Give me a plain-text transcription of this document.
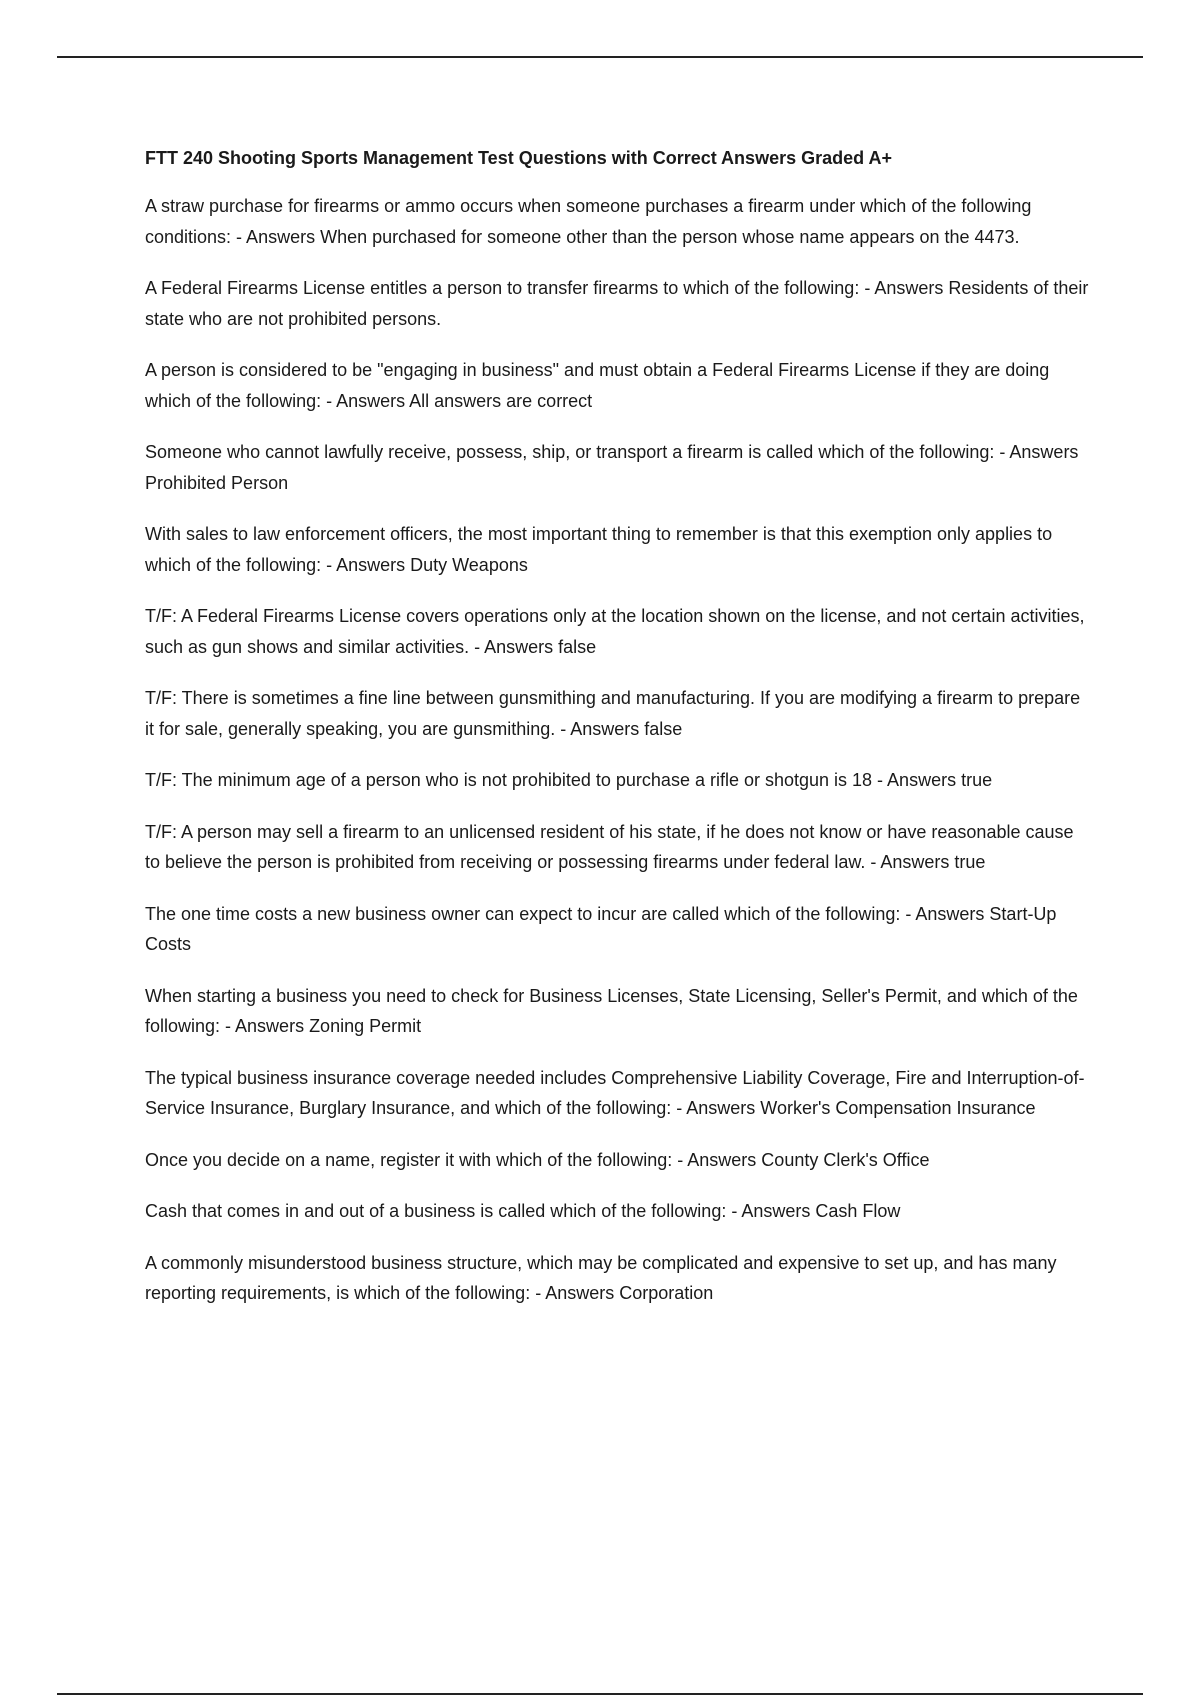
FTT 240 Shooting Sports Management Test Questions with Correct Answers Graded A+
A straw purchase for firearms or ammo occurs when someone purchases a firearm under which of the following conditions: - Answers When purchased for someone other than the person whose name appears on the 4473.
A Federal Firearms License entitles a person to transfer firearms to which of the following: - Answers Residents of their state who are not prohibited persons.
A person is considered to be "engaging in business" and must obtain a Federal Firearms License if they are doing which of the following: - Answers All answers are correct
Someone who cannot lawfully receive, possess, ship, or transport a firearm is called which of the following: - Answers Prohibited Person
With sales to law enforcement officers, the most important thing to remember is that this exemption only applies to which of the following: - Answers Duty Weapons
T/F: A Federal Firearms License covers operations only at the location shown on the license, and not certain activities, such as gun shows and similar activities. - Answers false
T/F: There is sometimes a fine line between gunsmithing and manufacturing. If you are modifying a firearm to prepare it for sale, generally speaking, you are gunsmithing. - Answers false
T/F: The minimum age of a person who is not prohibited to purchase a rifle or shotgun is 18 - Answers true
T/F: A person may sell a firearm to an unlicensed resident of his state, if he does not know or have reasonable cause to believe the person is prohibited from receiving or possessing firearms under federal law. - Answers true
The one time costs a new business owner can expect to incur are called which of the following: - Answers Start-Up Costs
When starting a business you need to check for Business Licenses, State Licensing, Seller's Permit, and which of the following: - Answers Zoning Permit
The typical business insurance coverage needed includes Comprehensive Liability Coverage, Fire and Interruption-of-Service Insurance, Burglary Insurance, and which of the following: - Answers Worker's Compensation Insurance
Once you decide on a name, register it with which of the following: - Answers County Clerk's Office
Cash that comes in and out of a business is called which of the following: - Answers Cash Flow
A commonly misunderstood business structure, which may be complicated and expensive to set up, and has many reporting requirements, is which of the following: - Answers Corporation
